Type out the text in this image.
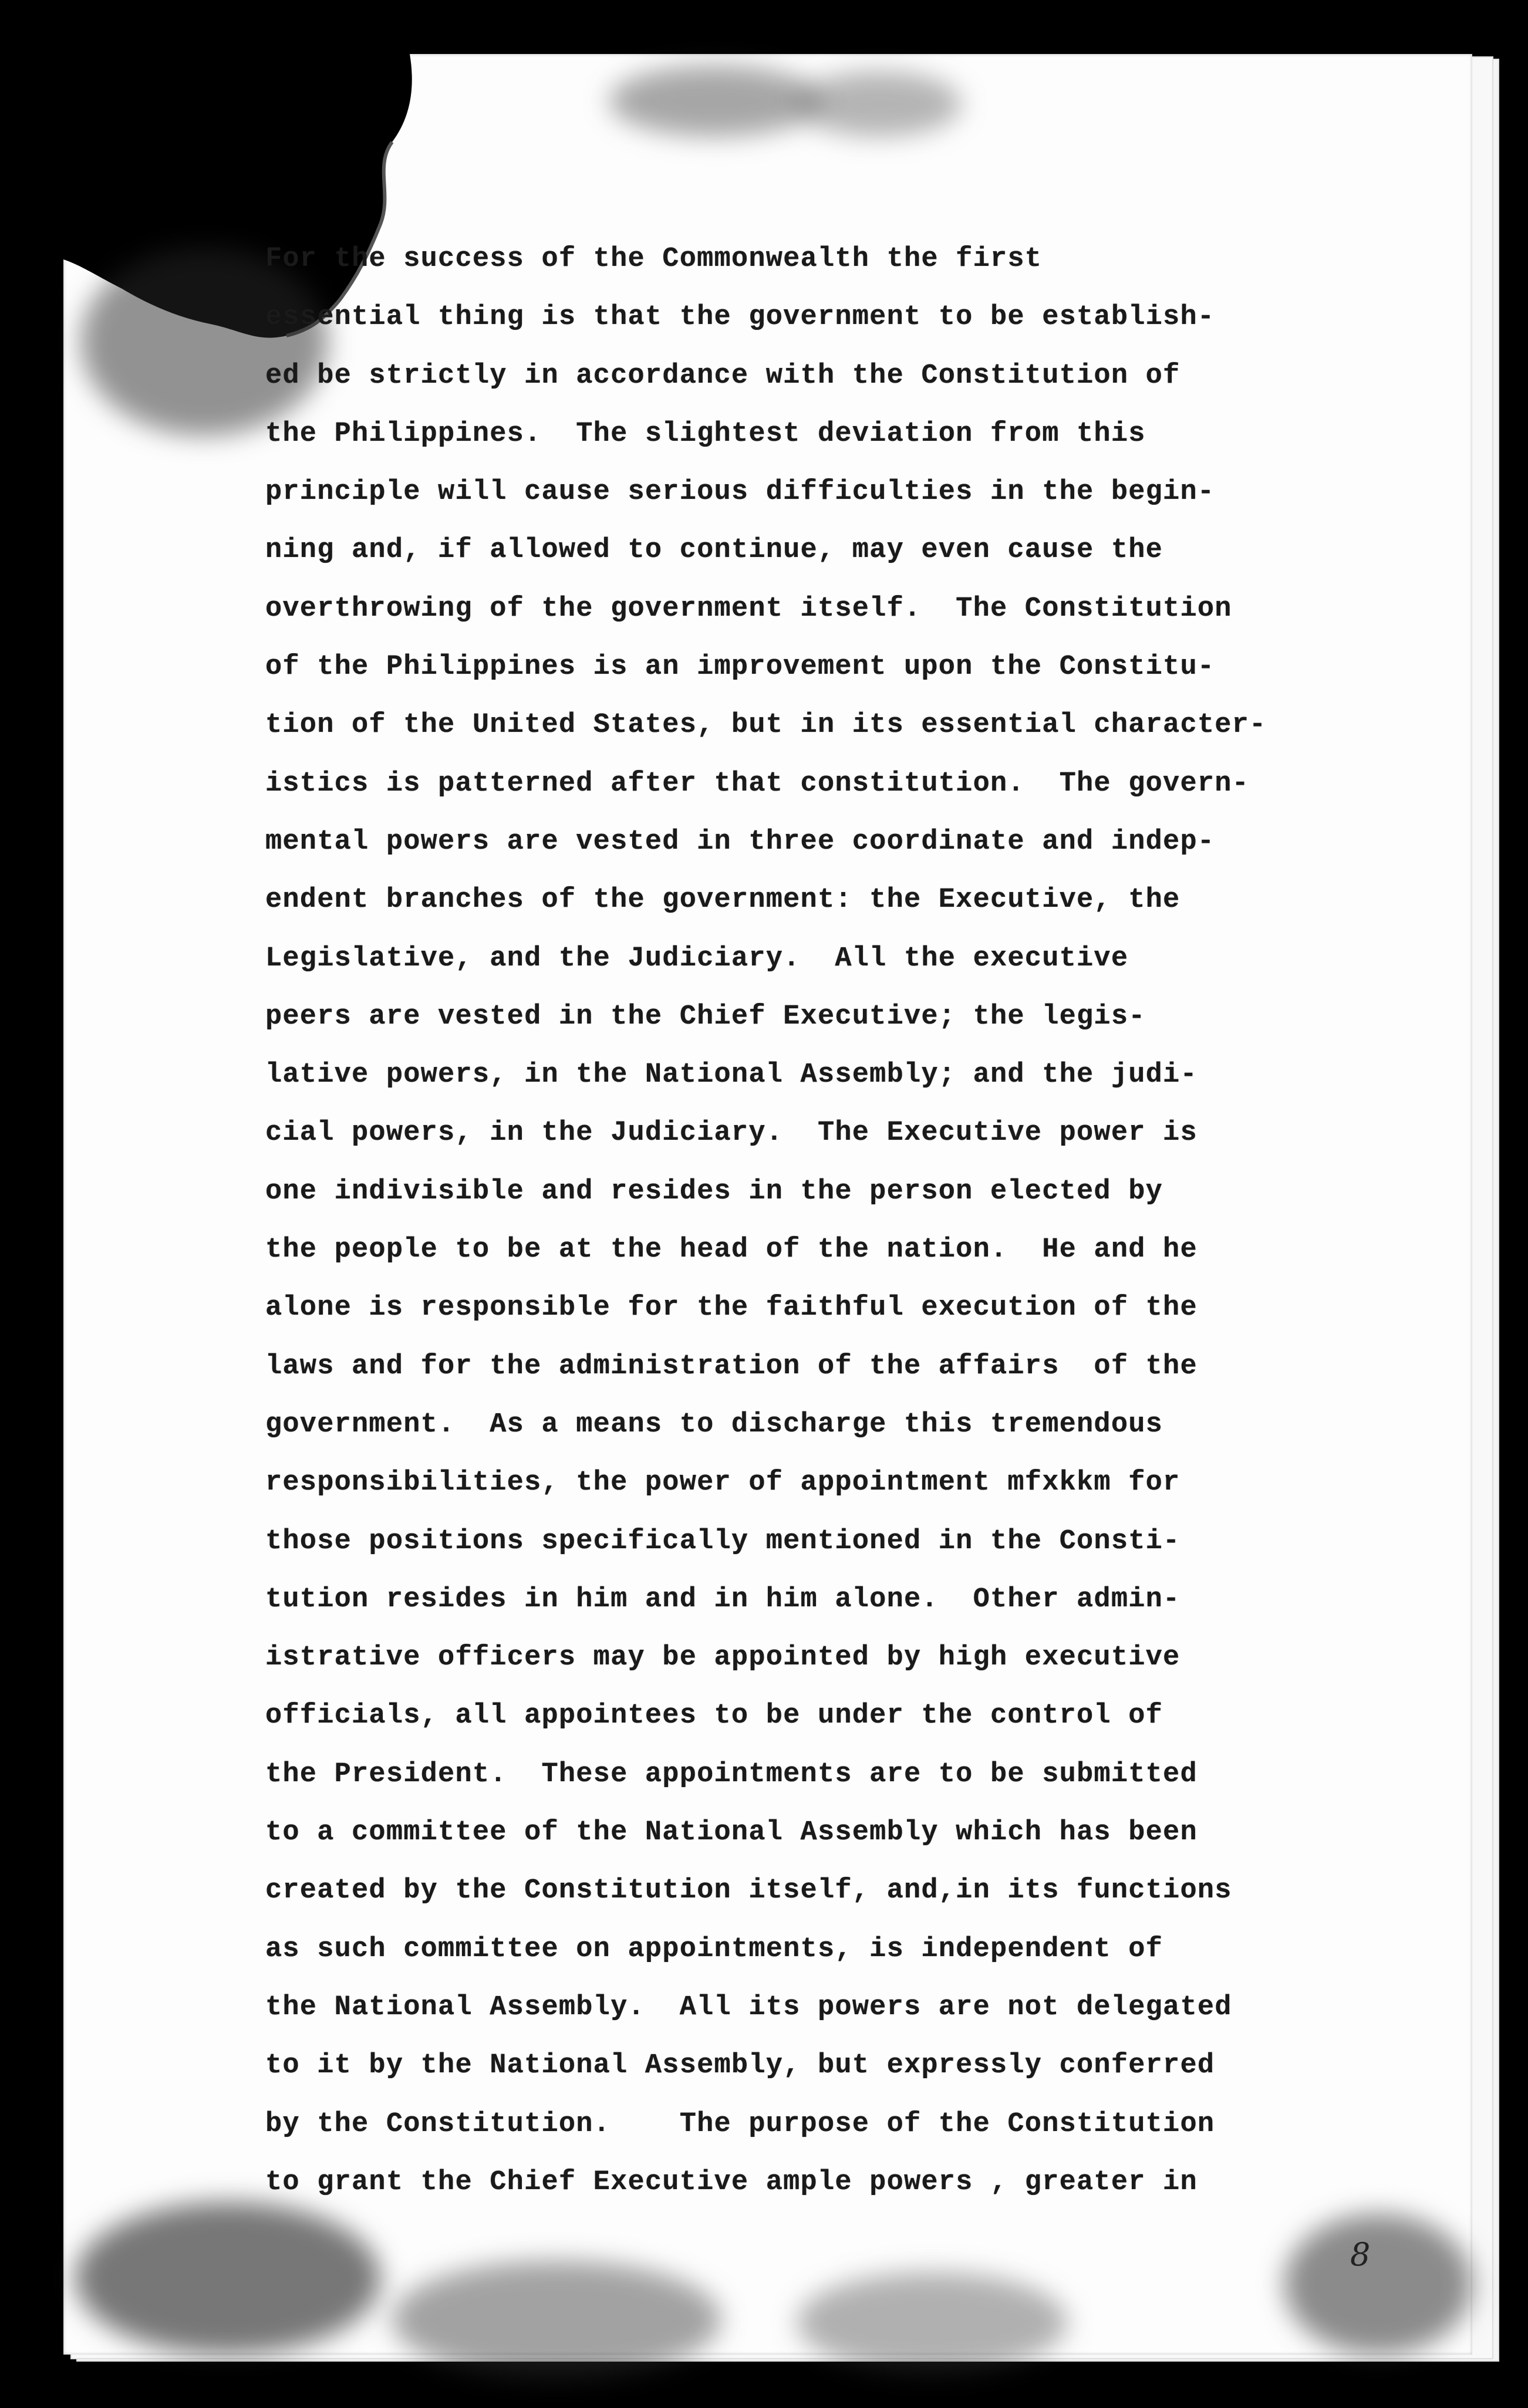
For the success of the Commonwealth the first
essential thing is that the government to be establish-
ed be strictly in accordance with the Constitution of
the Philippines.  The slightest deviation from this
principle will cause serious difficulties in the begin-
ning and, if allowed to continue, may even cause the
overthrowing of the government itself.  The Constitution
of the Philippines is an improvement upon the Constitu-
tion of the United States, but in its essential character-
istics is patterned after that constitution.  The govern-
mental powers are vested in three coordinate and indep-
endent branches of the government: the Executive, the
Legislative, and the Judiciary.  All the executive
peers are vested in the Chief Executive; the legis-
lative powers, in the National Assembly; and the judi-
cial powers, in the Judiciary.  The Executive power is
one indivisible and resides in the person elected by
the people to be at the head of the nation.  He and he
alone is responsible for the faithful execution of the
laws and for the administration of the affairs  of the
government.  As a means to discharge this tremendous
responsibilities, the power of appointment mfxkkm for
those positions specifically mentioned in the Consti-
tution resides in him and in him alone.  Other admin-
istrative officers may be appointed by high executive
officials, all appointees to be under the control of
the President.  These appointments are to be submitted
to a committee of the National Assembly which has been
created by the Constitution itself, and,in its functions
as such committee on appointments, is independent of
the National Assembly.  All its powers are not delegated
to it by the National Assembly, but expressly conferred
by the Constitution.    The purpose of the Constitution
to grant the Chief Executive ample powers , greater in
8
